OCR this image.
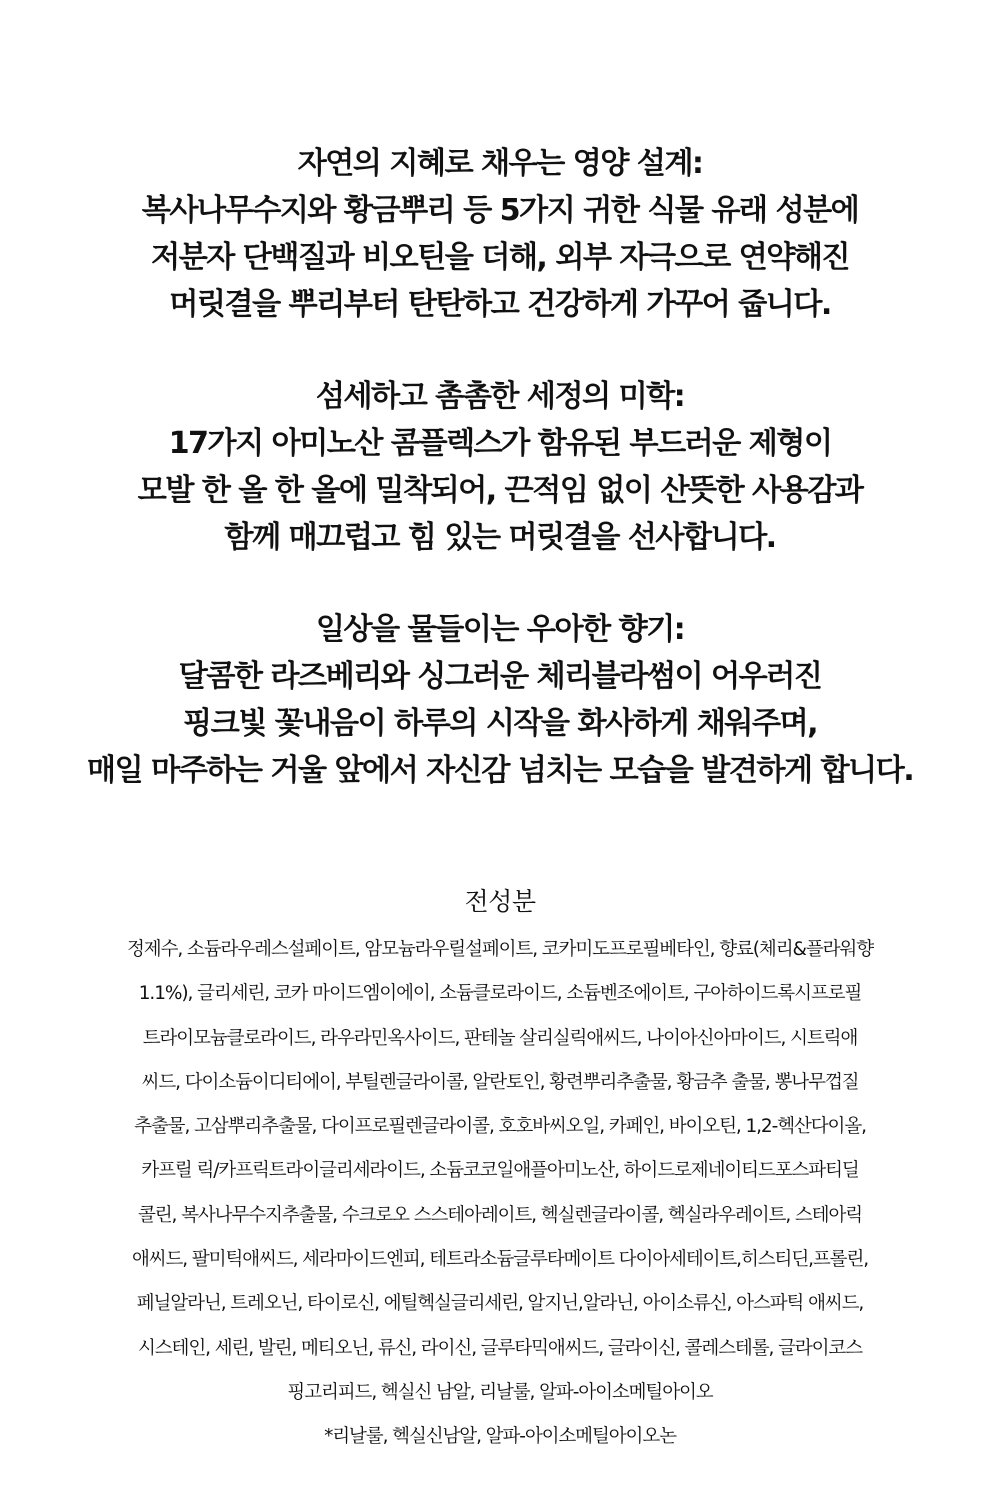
자연의 지혜로 채우는 영양 설계:
복사나무수지와 황금뿌리 등 5가지 귀한 식물 유래 성분에
저분자 단백질과 비오틴을 더해, 외부 자극으로 연약해진
머릿결을 뿌리부터 탄탄하고 건강하게 가꾸어 줍니다.
섬세하고 촘촘한 세정의 미학:
17가지 아미노산 콤플렉스가 함유된 부드러운 제형이
모발 한 올 한 올에 밀착되어, 끈적임 없이 산뜻한 사용감과
함께 매끄럽고 힘 있는 머릿결을 선사합니다.
일상을 물들이는 우아한 향기:
달콤한 라즈베리와 싱그러운 체리블라썸이 어우러진
핑크빛 꽃내음이 하루의 시작을 화사하게 채워주며,
매일 마주하는 거울 앞에서 자신감 넘치는 모습을 발견하게 합니다.
전성분
정제수, 소듐라우레스설페이트, 암모늄라우릴설페이트, 코카미도프로필베타인, 향료(체리&플라워향
1.1%), 글리세린, 코카 마이드엠이에이, 소듐클로라이드, 소듐벤조에이트, 구아하이드록시프로필
트라이모늄클로라이드, 라우라민옥사이드, 판테놀 살리실릭애씨드, 나이아신아마이드, 시트릭애
씨드, 다이소듐이디티에이, 부틸렌글라이콜, 알란토인, 황련뿌리추출물, 황금추 출물, 뽕나무껍질
추출물, 고삼뿌리추출물, 다이프로필렌글라이콜, 호호바씨오일, 카페인, 바이오틴, 1,2-헥산다이올,
카프릴 릭/카프릭트라이글리세라이드, 소듐코코일애플아미노산, 하이드로제네이티드포스파티딜
콜린, 복사나무수지추출물, 수크로오 스스테아레이트, 헥실렌글라이콜, 헥실라우레이트, 스테아릭
애씨드, 팔미틱애씨드, 세라마이드엔피, 테트라소듐글루타메이트 다이아세테이트,히스티딘,프롤린,
페닐알라닌, 트레오닌, 타이로신, 에틸헥실글리세린, 알지닌,알라닌, 아이소류신, 아스파틱 애씨드,
시스테인, 세린, 발린, 메티오닌, 류신, 라이신, 글루타믹애씨드, 글라이신, 콜레스테롤, 글라이코스
핑고리피드, 헥실신 남알, 리날룰, 알파-아이소메틸아이오
*리날룰, 헥실신남알, 알파-아이소메틸아이오논
